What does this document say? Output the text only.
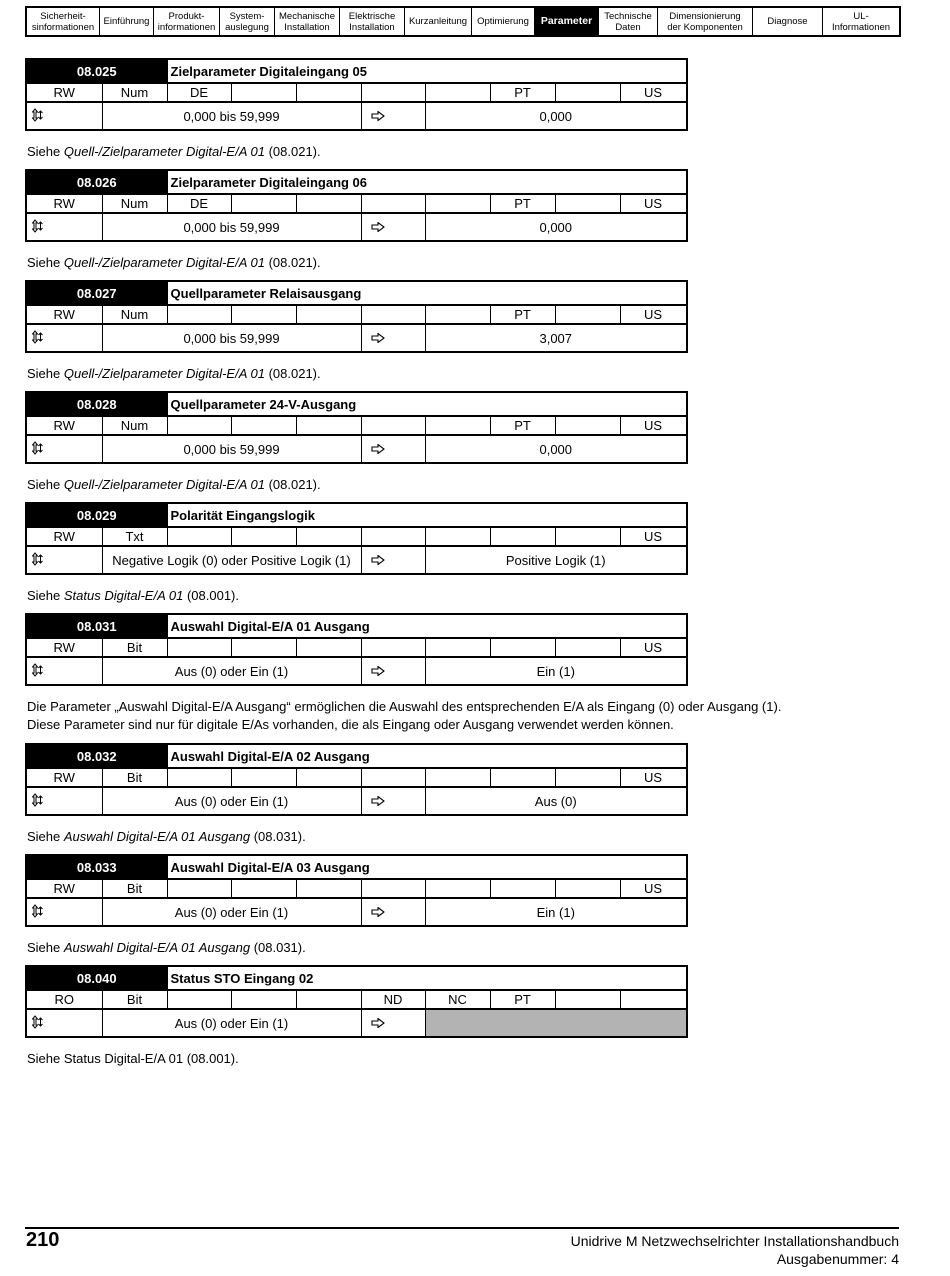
Sicherheit-
sinformationen Einführung	Produkt-
informationen
System-
auslegung
Mechanische
Installation
Elektrische
Installation	Kurzanleitung	Optimierung	Parameter	Technische
Daten
Dimensionierung
der Komponenten	Diagnose	UL-
Informationen
08.025		Zielparameter Digitaleingang 05							
RW	Num	DE					PT		US
	0,000 bis 59,999					0,000			
Siehe Quell-/Zielparameter Digital-E/A 01 (08.021).
08.026		Zielparameter Digitaleingang 06							
RW	Num	DE					PT		US
	0,000 bis 59,999					0,000			
Siehe Quell-/Zielparameter Digital-E/A 01 (08.021).
08.027		Quellparameter Relaisausgang							
RW	Num						PT		US
	0,000 bis 59,999					3,007			
Siehe Quell-/Zielparameter Digital-E/A 01 (08.021).
08.028		Quellparameter 24-V-Ausgang							
RW	Num						PT		US
	0,000 bis 59,999					0,000			
Siehe Quell-/Zielparameter Digital-E/A 01 (08.021).
08.029		Polarität Eingangslogik							
RW	Txt								US
	Negative Logik (0) oder Positive Logik (1)					Positive Logik (1)			
Siehe Status Digital-E/A 01 (08.001).
08.031		Auswahl Digital-E/A 01 Ausgang							
RW	Bit								US
	Aus (0) oder Ein (1)					Ein (1)			
Die Parameter „Auswahl Digital-E/A Ausgang“ ermöglichen die Auswahl des entsprechenden E/A als Eingang (0) oder Ausgang (1).
Diese Parameter sind nur für digitale E/As vorhanden, die als Eingang oder Ausgang verwendet werden können.
08.032		Auswahl Digital-E/A 02 Ausgang							
RW	Bit								US
	Aus (0) oder Ein (1)					Aus (0)			
Siehe Auswahl Digital-E/A 01 Ausgang (08.031).
08.033		Auswahl Digital-E/A 03 Ausgang							
RW	Bit								US
	Aus (0) oder Ein (1)					Ein (1)			
Siehe Auswahl Digital-E/A 01 Ausgang (08.031).
08.040		Status STO Eingang 02							
RO	Bit				ND	NC	PT		
	Aus (0) oder Ein (1)		
Siehe Status Digital-E/A 01 (08.001).
210	Unidrive M Netzwechselrichter Installationshandbuch
Ausgabenummer: 4
